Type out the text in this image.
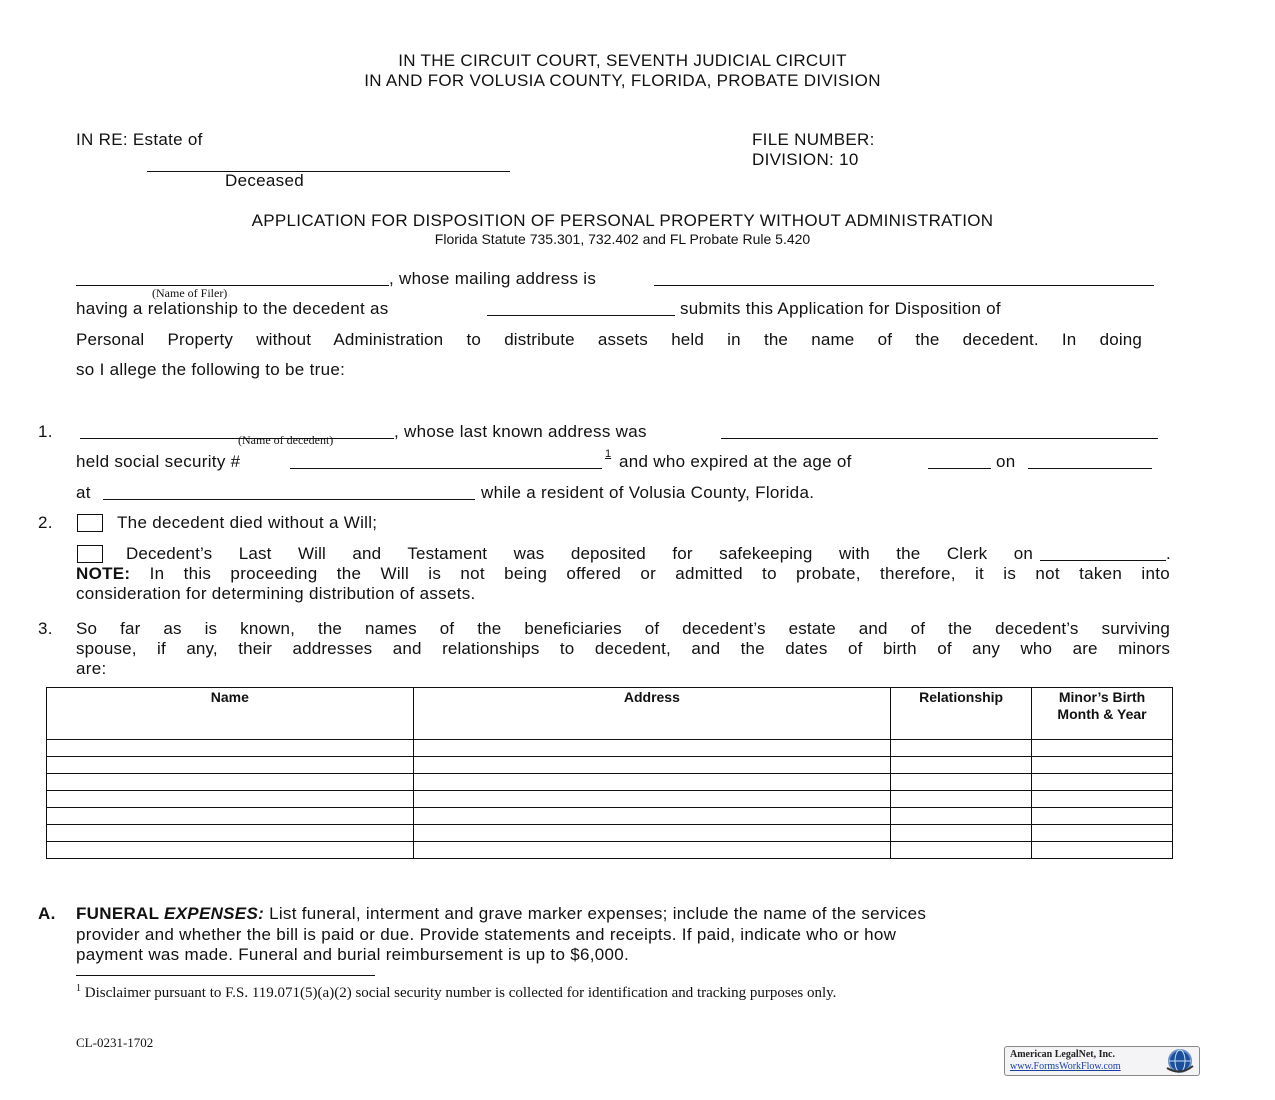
IN THE CIRCUIT COURT, SEVENTH JUDICIAL CIRCUIT
IN AND FOR VOLUSIA COUNTY, FLORIDA, PROBATE DIVISION
IN RE: Estate of
Deceased
FILE NUMBER:
DIVISION: 10
APPLICATION FOR DISPOSITION OF PERSONAL PROPERTY WITHOUT ADMINISTRATION
Florida Statute 735.301, 732.402 and FL Probate Rule 5.420
(Name of Filer)
, whose mailing address is
having a relationship to the decedent as	submits this Application for Disposition of
Personal Property without Administration to distribute assets held in the name of the decedent. In doing
so I allege the following to be true:
1.	(Name of decedent)	, whose last known address was
held social security #	1 and who expired at the age of	on
at	while a resident of Volusia County, Florida.
2.	The decedent died without a Will;
Decedent’s Last Will and Testament was deposited for safekeeping with the Clerk on	.
NOTE: In this proceeding the Will is not being offered or admitted to probate, therefore, it is not taken into
consideration for determining distribution of assets.
3. So far as is known, the names of the beneficiaries of decedent’s estate and of the decedent’s surviving
spouse, if any, their addresses and relationships to decedent, and the dates of birth of any who are minors
are:
Name	Address	Relationship	Minor’s Birth Month & Year

A. FUNERAL EXPENSES: List funeral, interment and grave marker expenses; include the name of the services
provider and whether the bill is paid or due. Provide statements and receipts. If paid, indicate who or how
payment was made. Funeral and burial reimbursement is up to $6,000.
$^1$ Disclaimer pursuant to F.S. 119.071(5)(a)(2) social security number is collected for identification and tracking purposes only.
CL-0231-1702
American LegalNet, Inc.
www.FormsWorkFlow.com
